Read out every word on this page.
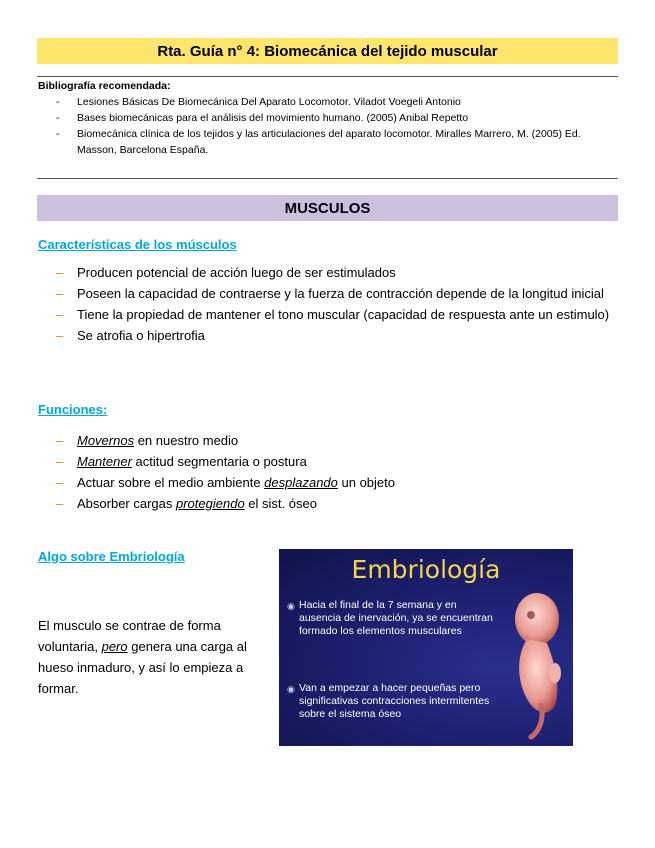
Rta. Guía n° 4: Biomecánica del tejido muscular
Bibliografía recomendada:
- Lesiones Básicas De Biomecánica Del Aparato Locomotor. Viladot Voegeli Antonio
- Bases biomecánicas para el análisis del movimiento humano. (2005) Anibal Repetto
- Biomecánica clínica de los tejidos y las articulaciones del aparato locomotor. Miralles Marrero, M. (2005) Ed. Masson, Barcelona España.
MUSCULOS
Características de los músculos
– Producen potencial de acción luego de ser estimulados
– Poseen la capacidad de contraerse y la fuerza de contracción depende de la longitud inicial
– Tiene la propiedad de mantener el tono muscular (capacidad de respuesta ante un estimulo)
– Se atrofia o hipertrofia
Funciones:
– Movernos en nuestro medio
– Mantener actitud segmentaria o postura
– Actuar sobre el medio ambiente desplazando un objeto
– Absorber cargas protegiendo el sist. óseo
Algo sobre Embriología
El musculo se contrae de forma voluntaria, pero genera una carga al hueso inmaduro, y así lo empieza a formar.
Embriología
◉ Hacia el final de la 7 semana y en ausencia de inervación, ya se encuentran formado los elementos musculares
◉ Van a empezar a hacer pequeñas pero significativas contracciones intermitentes sobre el sistema óseo
